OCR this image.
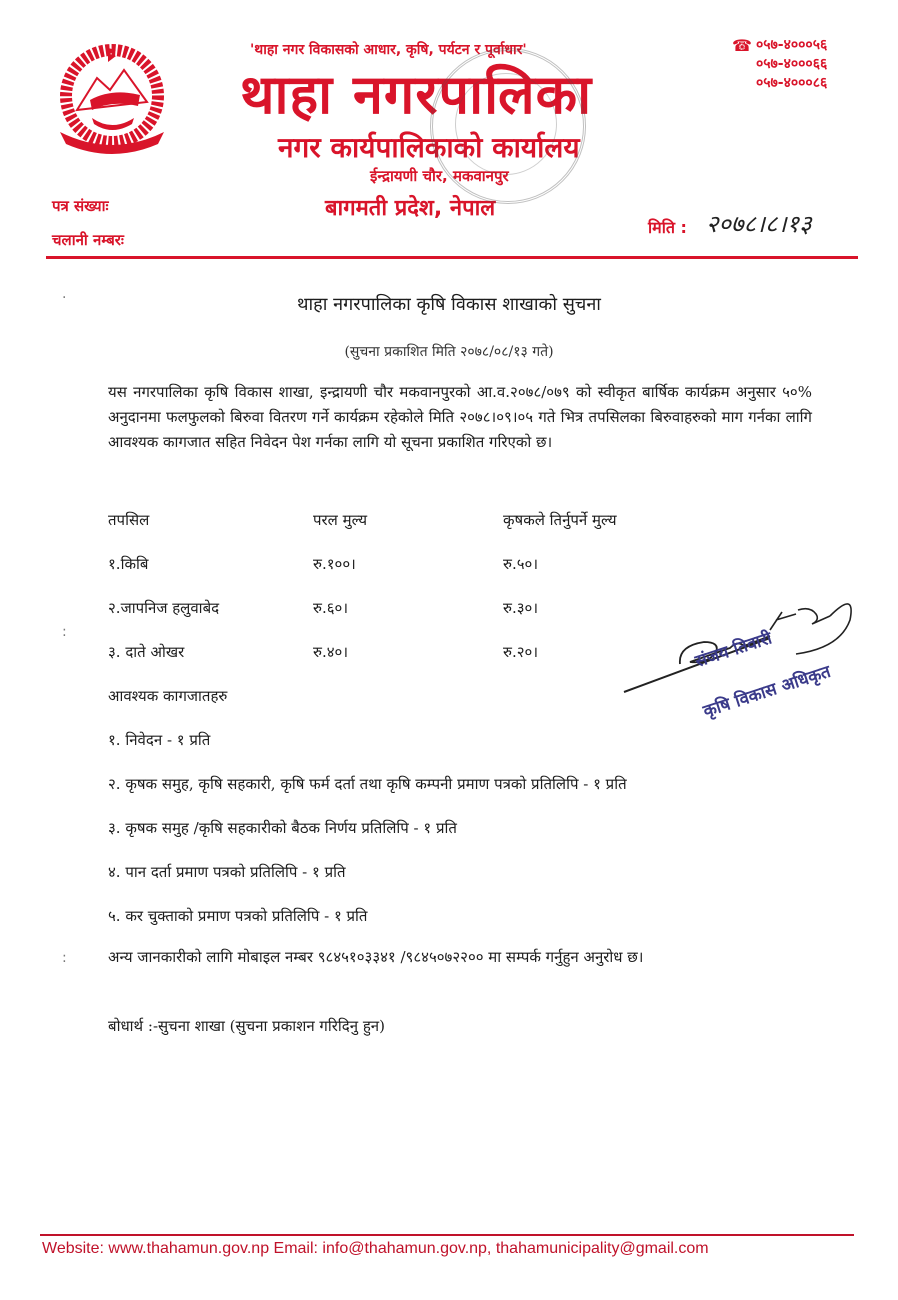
'थाहा नगर विकासको आधार, कृषि, पर्यटन र पूर्वाधार'
थाहा नगरपालिका
नगर कार्यपालिकाको कार्यालय
ईन्द्रायणी चौर, मकवानपुर
बागमती प्रदेश, नेपाल
☎ ०५७-४०००५६
०५७-४०००६६
०५७-४०००८६
पत्र संख्याः
चलानी नम्बरः
मिति : २०७८।८।१३
·	थाहा नगरपालिका कृषि विकास शाखाको सुचना
(सुचना प्रकाशित मिति २०७८/०८/१३ गते)
यस नगरपालिका कृषि विकास शाखा, इन्द्रायणी चौर मकवानपुरको आ.व.२०७८/०७९ को स्वीकृत बार्षिक कार्यक्रम अनुसार ५०% अनुदानमा फलफुलको बिरुवा वितरण गर्ने कार्यक्रम रहेकोले मिति २०७८।०९।०५ गते भित्र तपसिलका बिरुवाहरुको माग गर्नका लागि आवश्यक कागजात सहित निवेदन पेश गर्नका लागि यो सूचना प्रकाशित गरिएको छ।
तपसिल	परल मुल्य	कृषकले तिर्नुपर्ने मुल्य
१.किबि	रु.१००।	रु.५०।
२.जापनिज हलुवाबेद	रु.६०।	रु.३०।
३. दाते ओखर	रु.४०।	रु.२०।
:	संजय तिवारी
कृषि विकास अधिकृत
आवश्यक कागजातहरु
१. निवेदन - १ प्रति
२. कृषक समुह, कृषि सहकारी, कृषि फर्म दर्ता तथा कृषि कम्पनी प्रमाण पत्रको प्रतिलिपि - १ प्रति
३. कृषक समुह /कृषि सहकारीको बैठक निर्णय प्रतिलिपि - १ प्रति
४. पान दर्ता प्रमाण पत्रको प्रतिलिपि - १ प्रति
५. कर चुक्ताको प्रमाण पत्रको प्रतिलिपि - १ प्रति
:	अन्य जानकारीको लागि मोबाइल नम्बर ९८४५१०३३४१ /९८४५०७२२०० मा सम्पर्क गर्नुहुन अनुरोध छ।
बोधार्थ :-सुचना शाखा (सुचना प्रकाशन गरिदिनु हुन)
Website: www.thahamun.gov.np Email: info@thahamun.gov.np, thahamunicipality@gmail.com
